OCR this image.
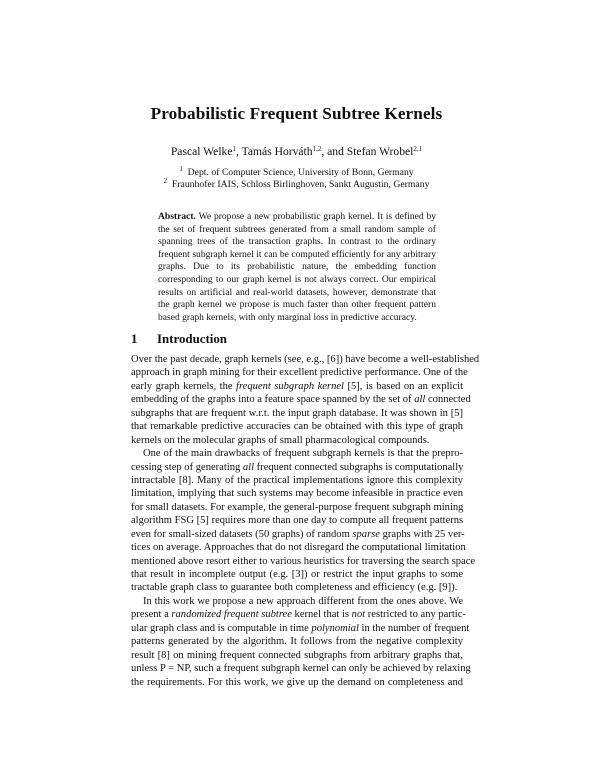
Probabilistic Frequent Subtree Kernels
Pascal Welke$^1$, Tamás Horváth$^{1,2}$, and Stefan Wrobel$^{2,1}$
$^1$ Dept. of Computer Science, University of Bonn, Germany
$^2$ Fraunhofer IAIS, Schloss Birlinghoven, Sankt Augustin, Germany
Abstract. We propose a new probabilistic graph kernel. It is defined by the set of frequent subtrees generated from a small random sample of spanning trees of the transaction graphs. In contrast to the ordinary frequent subgraph kernel it can be computed efficiently for any arbitrary graphs. Due to its probabilistic nature, the embedding function corresponding to our graph kernel is not always correct. Our empirical results on artificial and real-world datasets, however, demonstrate that the graph kernel we propose is much faster than other frequent pattern based graph kernels, with only marginal loss in predictive accuracy.
1 Introduction
Over the past decade, graph kernels (see, e.g., [6]) have become a well-established
approach in graph mining for their excellent predictive performance. One of the
early graph kernels, the frequent subgraph kernel [5], is based on an explicit
embedding of the graphs into a feature space spanned by the set of all connected
subgraphs that are frequent w.r.t. the input graph database. It was shown in [5]
that remarkable predictive accuracies can be obtained with this type of graph
kernels on the molecular graphs of small pharmacological compounds.
One of the main drawbacks of frequent subgraph kernels is that the prepro-
cessing step of generating all frequent connected subgraphs is computationally
intractable [8]. Many of the practical implementations ignore this complexity
limitation, implying that such systems may become infeasible in practice even
for small datasets. For example, the general-purpose frequent subgraph mining
algorithm FSG [5] requires more than one day to compute all frequent patterns
even for small-sized datasets (50 graphs) of random sparse graphs with 25 ver-
tices on average. Approaches that do not disregard the computational limitation
mentioned above resort either to various heuristics for traversing the search space
that result in incomplete output (e.g. [3]) or restrict the input graphs to some
tractable graph class to guarantee both completeness and efficiency (e.g. [9]).
In this work we propose a new approach different from the ones above. We
present a randomized frequent subtree kernel that is not restricted to any partic-
ular graph class and is computable in time polynomial in the number of frequent
patterns generated by the algorithm. It follows from the negative complexity
result [8] on mining frequent connected subgraphs from arbitrary graphs that,
unless P = NP, such a frequent subgraph kernel can only be achieved by relaxing
the requirements. For this work, we give up the demand on completeness and
